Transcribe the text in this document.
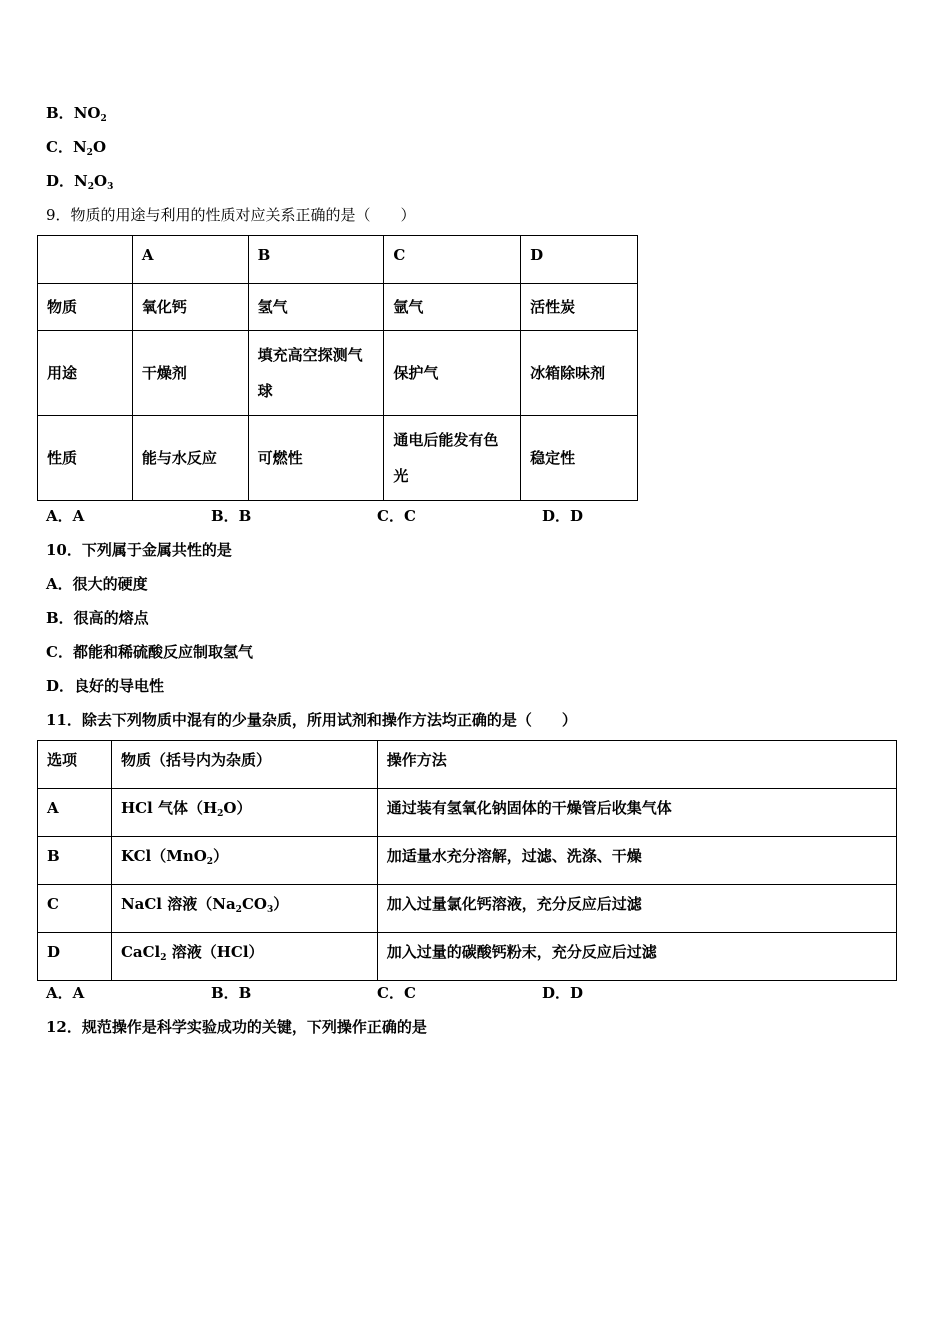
B．$NO_2$
C．$N_2O$
D．$N_2O_3$
9．物质的用途与利用的性质对应关系正确的是（　　）
	A	B	C	D
物质	氧化钙	氢气	氩气	活性炭
用途	干燥剂	填充高空探测气球	保护气	冰箱除味剂
性质	能与水反应	可燃性	通电后能发有色光	稳定性
A．A	B．B	C．C	D．D
10．下列属于金属共性的是
A．很大的硬度
B．很高的熔点
C．都能和稀硫酸反应制取氢气
D．良好的导电性
11．除去下列物质中混有的少量杂质，所用试剂和操作方法均正确的是（　　）
选项	物质（括号内为杂质）	操作方法
A	HCl 气体$(H_2O)$	通过装有氢氧化钠固体的干燥管后收集气体
B	KCl（MnO$_2$）	加适量水充分溶解，过滤、洗涤、干燥
C	NaCl 溶液$(Na_2CO_3)$	加入过量氯化钙溶液，充分反应后过滤
D	CaCl$_2$ 溶液（HCl）	加入过量的碳酸钙粉末，充分反应后过滤
A．A	B．B	C．C	D．D
12．规范操作是科学实验成功的关键，下列操作正确的是
